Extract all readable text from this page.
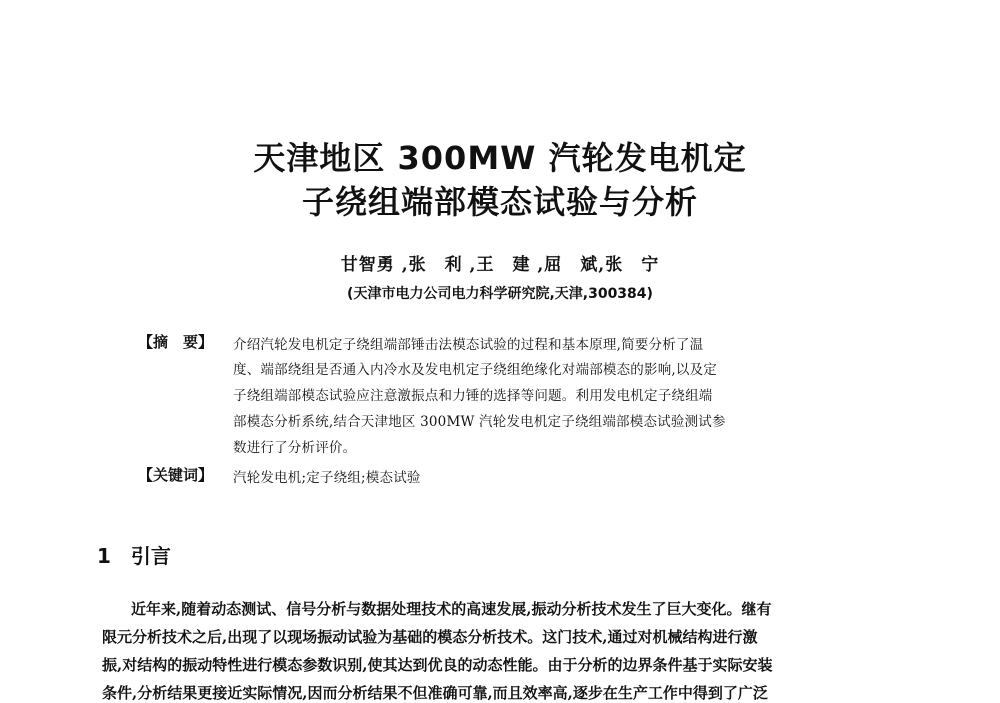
天津地区 300MW 汽轮发电机定
子绕组端部模态试验与分析
甘智勇 ,张　利 ,王　建 ,屈　斌,张　宁
(天津市电力公司电力科学研究院,天津,300384)
【摘　要】 介绍汽轮发电机定子绕组端部锤击法模态试验的过程和基本原理,简要分析了温
度、端部绕组是否通入内冷水及发电机定子绕组绝缘化对端部模态的影响,以及定
子绕组端部模态试验应注意激振点和力锤的选择等问题。利用发电机定子绕组端
部模态分析系统,结合天津地区 300MW 汽轮发电机定子绕组端部模态试验测试参
数进行了分析评价。
【关键词】 汽轮发电机;定子绕组;模态试验
1 引言
近年来,随着动态测试、信号分析与数据处理技术的高速发展,振动分析技术发生了巨大变化。继有
限元分析技术之后,出现了以现场振动试验为基础的模态分析技术。这门技术,通过对机械结构进行激
振,对结构的振动特性进行模态参数识别,使其达到优良的动态性能。由于分析的边界条件基于实际安装
条件,分析结果更接近实际情况,因而分析结果不但准确可靠,而且效率高,逐步在生产工作中得到了广泛
